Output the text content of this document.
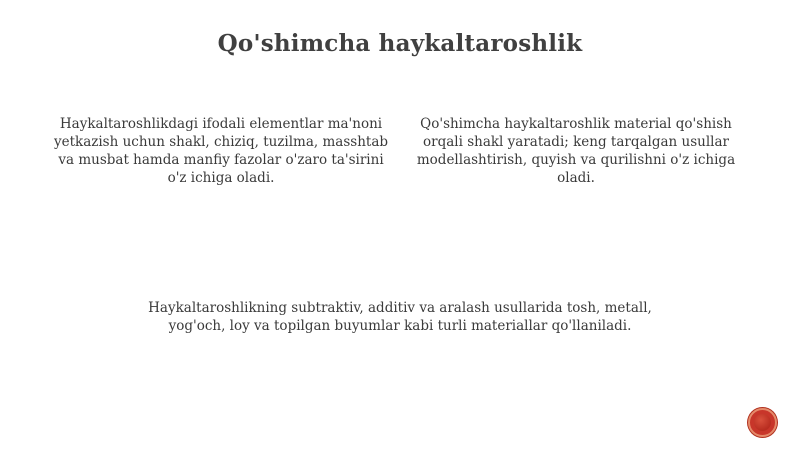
Qo'shimcha haykaltaroshlik
Haykaltaroshlikdagi ifodali elementlar ma'noni yetkazish uchun shakl, chiziq, tuzilma, masshtab va musbat hamda manfiy fazolar o'zaro ta'sirini o'z ichiga oladi.
Qo'shimcha haykaltaroshlik material qo'shish orqali shakl yaratadi; keng tarqalgan usullar modellashtirish, quyish va qurilishni o'z ichiga oladi.
Haykaltaroshlikning subtraktiv, additiv va aralash usullarida tosh, metall, yog'och, loy va topilgan buyumlar kabi turli materiallar qo'llaniladi.
